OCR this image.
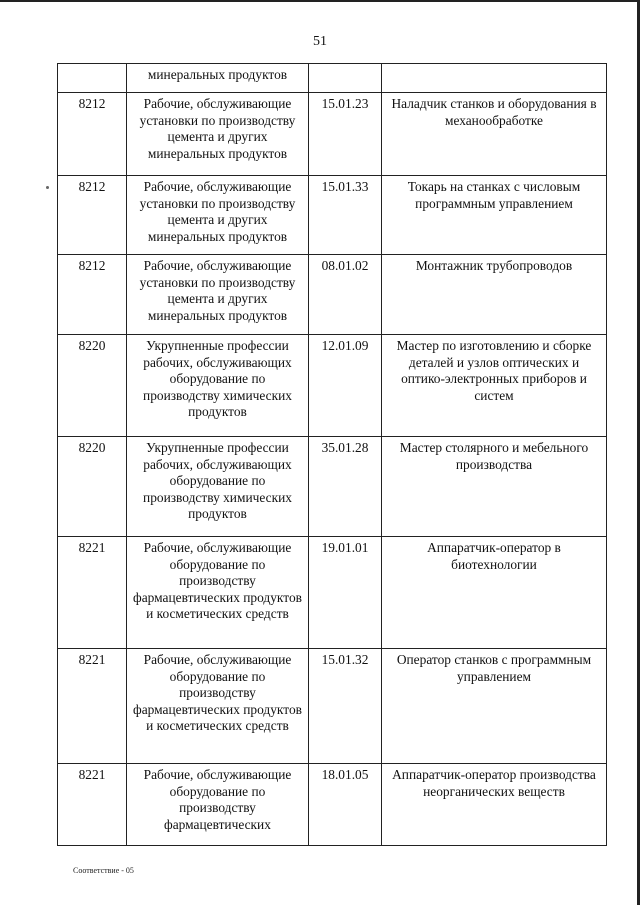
51
	минеральных продуктов		
8212	Рабочие, обслуживающие установки по производству цемента и других минеральных продуктов	15.01.23	Наладчик станков и оборудования в механообработке
8212	Рабочие, обслуживающие установки по производству цемента и других минеральных продуктов	15.01.33	Токарь на станках с числовым программным управлением
8212	Рабочие, обслуживающие установки по производству цемента и других минеральных продуктов	08.01.02	Монтажник трубопроводов
8220	Укрупненные профессии рабочих, обслуживающих оборудование по производству химических продуктов	12.01.09	Мастер по изготовлению и сборке деталей и узлов оптических и оптико-электронных приборов и систем
8220	Укрупненные профессии рабочих, обслуживающих оборудование по производству химических продуктов	35.01.28	Мастер столярного и мебельного производства
8221	Рабочие, обслуживающие оборудование по производству фармацевтических продуктов и косметических средств	19.01.01	Аппаратчик-оператор в биотехнологии
8221	Рабочие, обслуживающие оборудование по производству фармацевтических продуктов и косметических средств	15.01.32	Оператор станков с программным управлением
8221	Рабочие, обслуживающие оборудование по производству фармацевтических	18.01.05	Аппаратчик-оператор производства неорганических веществ
Соответствие - 05
